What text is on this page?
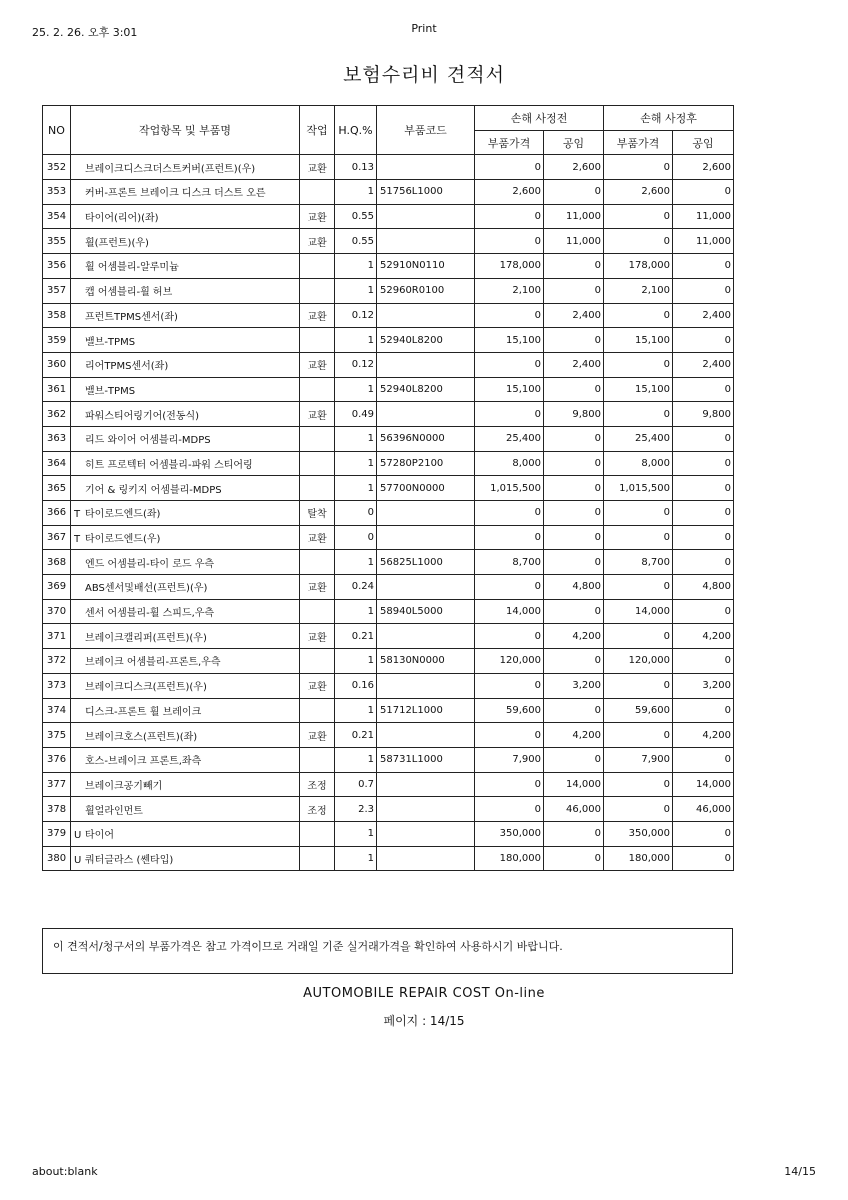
25. 2. 26. 오후 3:01	Print
보험수리비 견적서
NO	작업항목 및 부품명	작업	H.Q.%	부품코드	손해 사정전		손해 사정후	
					부품가격	공임	부품가격	공임
352	브레이크디스크더스트커버(프런트)(우)	교환	0.13		0	2,600	0	2,600
353	커버-프론트 브레이크 디스크 더스트 오른		1	51756L1000	2,600	0	2,600	0
354	타이어(리어)(좌)	교환	0.55		0	11,000	0	11,000
355	휠(프런트)(우)	교환	0.55		0	11,000	0	11,000
356	휠 어셈블리-알루미늄		1	52910N0110	178,000	0	178,000	0
357	캡 어셈블리-휠 허브		1	52960R0100	2,100	0	2,100	0
358	프런트TPMS센서(좌)	교환	0.12		0	2,400	0	2,400
359	밸브-TPMS		1	52940L8200	15,100	0	15,100	0
360	리어TPMS센서(좌)	교환	0.12		0	2,400	0	2,400
361	밸브-TPMS		1	52940L8200	15,100	0	15,100	0
362	파워스티어링기어(전동식)	교환	0.49		0	9,800	0	9,800
363	리드 와이어 어셈블리-MDPS		1	56396N0000	25,400	0	25,400	0
364	히트 프로텍터 어셈블리-파워 스티어링		1	57280P2100	8,000	0	8,000	0
365	기어 & 링키지 어셈블리-MDPS		1	57700N0000	1,015,500	0	1,015,500	0
366	T 타이로드엔드(좌)	탈착	0		0	0	0	0
367	T 타이로드엔드(우)	교환	0		0	0	0	0
368	엔드 어셈블리-타이 로드 우측		1	56825L1000	8,700	0	8,700	0
369	ABS센서및배선(프런트)(우)	교환	0.24		0	4,800	0	4,800
370	센서 어셈블리-휠 스피드,우측		1	58940L5000	14,000	0	14,000	0
371	브레이크캘리퍼(프런트)(우)	교환	0.21		0	4,200	0	4,200
372	브레이크 어셈블리-프론트,우측		1	58130N0000	120,000	0	120,000	0
373	브레이크디스크(프런트)(우)	교환	0.16		0	3,200	0	3,200
374	디스크-프론트 휠 브레이크		1	51712L1000	59,600	0	59,600	0
375	브레이크호스(프런트)(좌)	교환	0.21		0	4,200	0	4,200
376	호스-브레이크 프론트,좌측		1	58731L1000	7,900	0	7,900	0
377	브레이크공기빼기	조정	0.7		0	14,000	0	14,000
378	휠얼라인먼트	조정	2.3		0	46,000	0	46,000
379	U 타이어		1		350,000	0	350,000	0
380	U 쿼터글라스 (쎈타입)		1		180,000	0	180,000	0
이 견적서/청구서의 부품가격은 참고 가격이므로 거래일 기준 실거래가격을 확인하여 사용하시기 바랍니다.
AUTOMOBILE REPAIR COST On-line
페이지 : 14/15
about:blank	14/15
